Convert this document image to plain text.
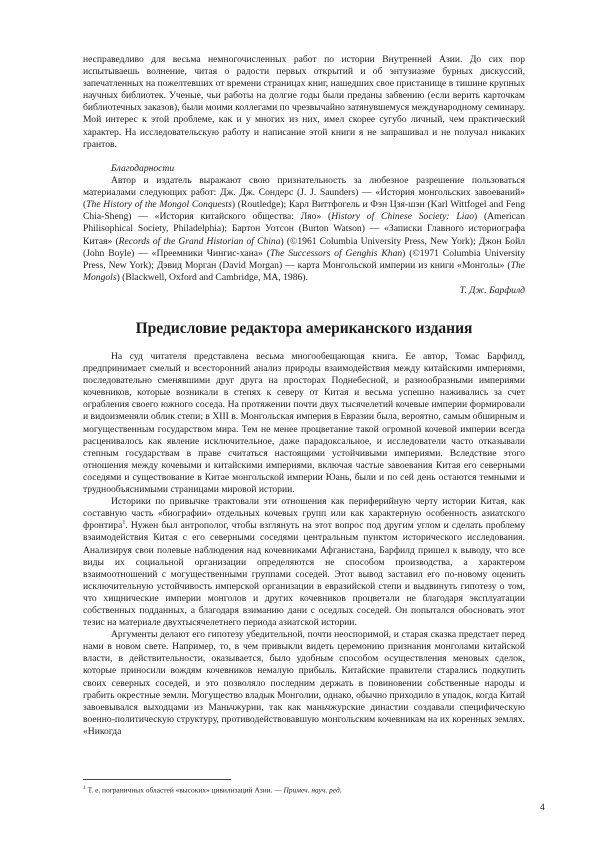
несправедливо для весьма немногочисленных работ по истории Внутренней Азии. До сих пор испытываешь волнение, читая о радости первых открытий и об энтузиазме бурных дискуссий, запечатленных на пожелтевших от времени страницах книг, нашедших свое пристанище в тишине крупных научных библиотек. Ученые, чьи работы на долгие годы были преданы забвению (если верить карточкам библиотечных заказов), были моими коллегами по чрезвычайно затянувшемуся международному семинару. Мой интерес к этой проблеме, как и у многих из них, имел скорее сугубо личный, чем практический характер. На исследовательскую работу и написание этой книги я не запрашивал и не получал никаких грантов.

Благодарности

Автор и издатель выражают свою признательность за любезное разрешение пользоваться материалами следующих работ: Дж. Дж. Сондерс (J. J. Saunders) — «История монгольских завоеваний» (The History of the Mongol Conquests) (Routledge); Карл Виттфогель и Фэн Цзя-шэн (Karl Wittfogel and Feng Chia-Sheng) — «История китайского общества: Ляо» (History of Chinese Society: Liao) (American Philisophical Society, Philadelphia); Бартон Уотсон (Burton Watson) — «Записки Главного историографа Китая» (Records of the Grand Historian of China) (©1961 Columbia University Press, New York); Джон Бойл (John Boyle) — «Преемники Чингис-хана» (The Successors of Genghis Khan) (©1971 Columbia University Press, New York); Дэвид Морган (David Morgan) — карта Монгольской империи из книги «Монголы» (The Mongols) (Blackwell, Oxford and Cambridge, MA, 1986).

Т. Дж. Барфилд

Предисловие редактора американского издания

На суд читателя представлена весьма многообещающая книга. Ее автор, Томас Барфилд, предпринимает смелый и всесторонний анализ природы взаимодействия между китайскими империями, последовательно сменявшими друг друга на просторах Поднебесной, и разнообразными империями кочевников, которые возникали в степях к северу от Китая и весьма успешно наживались за счет ограбления своего южного соседа. На протяжении почти двух тысячелетий кочевые империи формировали и видоизменяли облик степи; в XIII в. Монгольская империя в Евразии была, вероятно, самым обширным и могущественным государством мира. Тем не менее процветание такой огромной кочевой империи всегда расценивалось как явление исключительное, даже парадоксальное, и исследователи часто отказывали степным государствам в праве считаться настоящими устойчивыми империями. Вследствие этого отношения между кочевыми и китайскими империями, включая частые завоевания Китая его северными соседями и существование в Китае монгольской империи Юань, были и по сей день остаются темными и труднообъяснимыми страницами мировой истории.

Историки по привычке трактовали эти отношения как периферийную черту истории Китая, как составную часть «биографии» отдельных кочевых групп или как характерную особенность азиатского фронтира$^1$. Нужен был антрополог, чтобы взглянуть на этот вопрос под другим углом и сделать проблему взаимодействия Китая с его северными соседями центральным пунктом исторического исследования. Анализируя свои полевые наблюдения над кочевниками Афганистана, Барфилд пришел к выводу, что все виды их социальной организации определяются не способом производства, а характером взаимоотношений с могущественными группами соседей. Этот вывод заставил его по-новому оценить исключительную устойчивость имперской организации в евразийской степи и выдвинуть гипотезу о том, что хищнические империи монголов и других кочевников процветали не благодаря эксплуатации собственных подданных, а благодаря взиманию дани с оседлых соседей. Он попытался обосновать этот тезис на материале двухтысячелетнего периода азиатской истории.

Аргументы делают его гипотезу убедительной, почти неоспоримой, и старая сказка предстает перед нами в новом свете. Например, то, в чем привыкли видеть церемонию признания монголами китайской власти, в действительности, оказывается, было удобным способом осуществления меновых сделок, которые приносили вождям кочевников немалую прибыль. Китайские правители старались подкупить своих северных соседей, и это позволяло последним держать в повиновении собственные народы и грабить окрестные земли. Могущество владык Монголии, однако, обычно приходило в упадок, когда Китай завоевывался выходцами из Маньчжурии, так как маньчжурские династии создавали специфическую военно-политическую структуру, противодействовавшую монгольским кочевникам на их коренных землях. «Никогда

$^1$ Т. е. пограничных областей «высоких» цивилизаций Азии. — Примеч. науч. ред.

4
